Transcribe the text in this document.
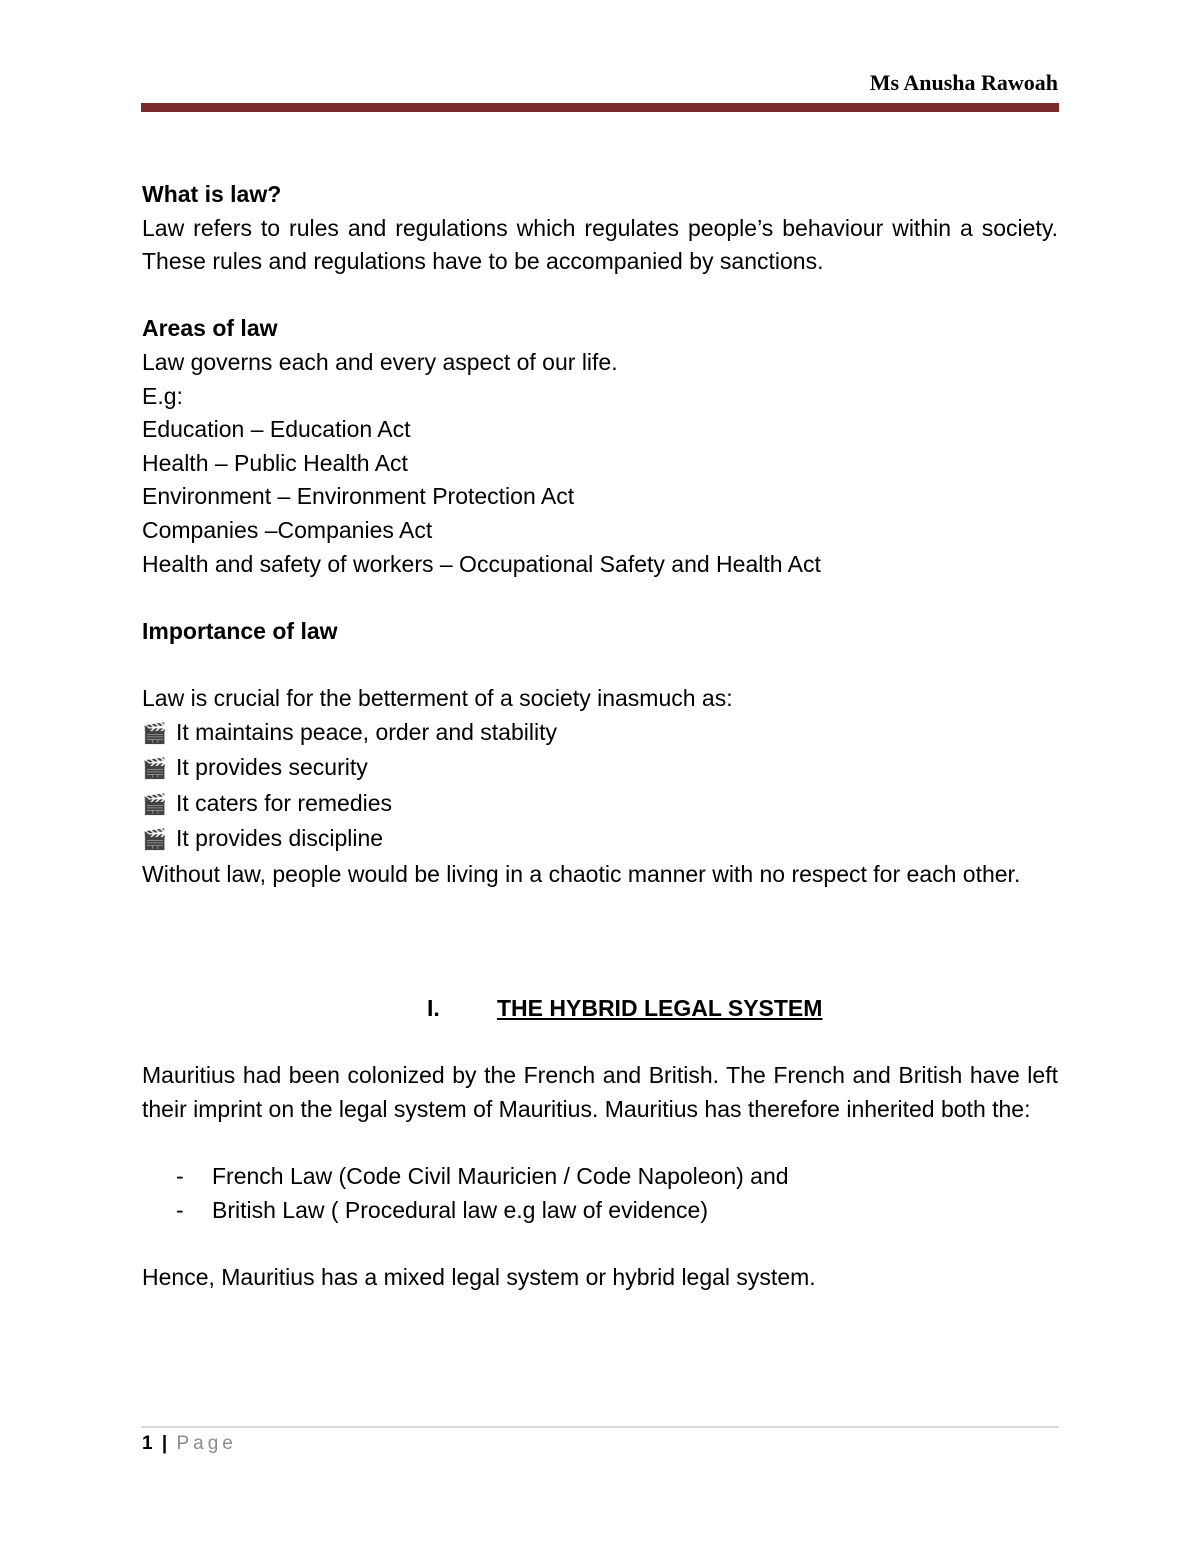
Ms Anusha Rawoah

What is law?

Law refers to rules and regulations which regulates people’s behaviour within a society. These rules and regulations have to be accompanied by sanctions.

Areas of law

Law governs each and every aspect of our life.

E.g:

Education – Education Act

Health – Public Health Act

Environment – Environment Protection Act

Companies –Companies Act

Health and safety of workers – Occupational Safety and Health Act

Importance of law

Law is crucial for the betterment of a society inasmuch as:

🎬 It maintains peace, order and stability
🎬 It provides security
🎬 It caters for remedies
🎬 It provides discipline

Without law, people would be living in a chaotic manner with no respect for each other.

I. THE HYBRID LEGAL SYSTEM

Mauritius had been colonized by the French and British. The French and British have left their imprint on the legal system of Mauritius. Mauritius has therefore inherited both the:

-	French Law (Code Civil Mauricien / Code Napoleon) and
-	British Law ( Procedural law e.g law of evidence)

Hence, Mauritius has a mixed legal system or hybrid legal system.

1 | Page
